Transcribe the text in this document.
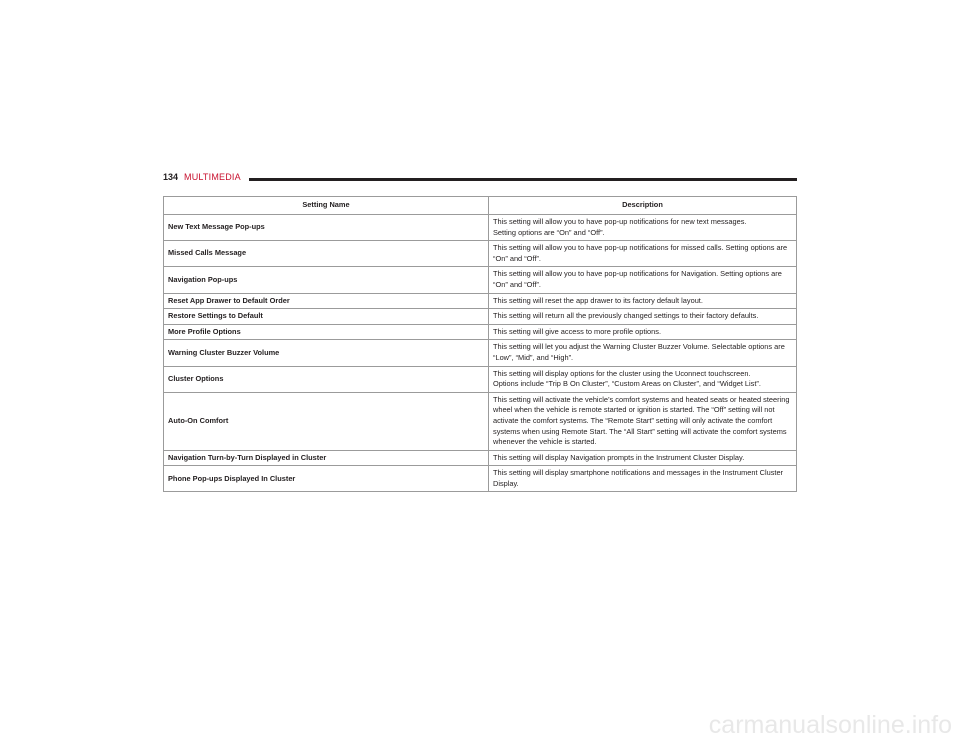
134 MULTIMEDIA
Setting Name	Description
New Text Message Pop-ups	This setting will allow you to have pop-up notifications for new text messages.
Setting options are “On” and “Off”.
Missed Calls Message	This setting will allow you to have pop-up notifications for missed calls. Setting options are “On” and “Off”.
Navigation Pop-ups	This setting will allow you to have pop-up notifications for Navigation. Setting options are “On” and “Off”.
Reset App Drawer to Default Order	This setting will reset the app drawer to its factory default layout.
Restore Settings to Default	This setting will return all the previously changed settings to their factory defaults.
More Profile Options	This setting will give access to more profile options.
Warning Cluster Buzzer Volume	This setting will let you adjust the Warning Cluster Buzzer Volume. Selectable options are “Low”, “Mid”, and “High”.
Cluster Options	This setting will display options for the cluster using the Uconnect touchscreen.
Options include “Trip B On Cluster”, “Custom Areas on Cluster”, and “Widget List”.
Auto-On Comfort	This setting will activate the vehicle’s comfort systems and heated seats or heated steering wheel when the vehicle is remote started or ignition is started. The “Off” setting will not activate the comfort systems. The “Remote Start” setting will only activate the comfort systems when using Remote Start. The “All Start” setting will activate the comfort systems whenever the vehicle is started.
Navigation Turn-by-Turn Displayed in Cluster	This setting will display Navigation prompts in the Instrument Cluster Display.
Phone Pop-ups Displayed In Cluster	This setting will display smartphone notifications and messages in the Instrument Cluster Display.
carmanualsonline.info
